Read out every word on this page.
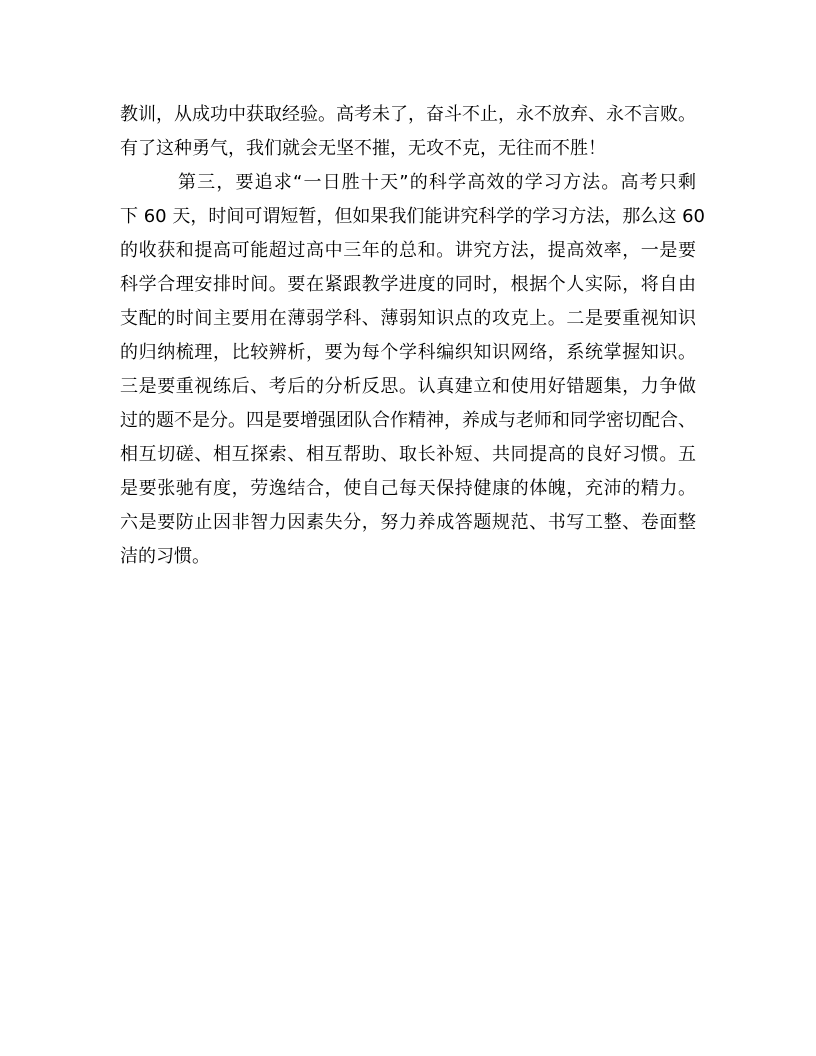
教训，从成功中获取经验。高考未了，奋斗不止，永不放弃、永不言败。
有了这种勇气，我们就会无坚不摧，无攻不克，无往而不胜！
第三，要追求“一日胜十天”的科学高效的学习方法。高考只剩
下 60 天，时间可谓短暂，但如果我们能讲究科学的学习方法，那么这 60
的收获和提高可能超过高中三年的总和。讲究方法，提高效率，一是要
科学合理安排时间。要在紧跟教学进度的同时，根据个人实际，将自由
支配的时间主要用在薄弱学科、薄弱知识点的攻克上。二是要重视知识
的归纳梳理，比较辨析，要为每个学科编织知识网络，系统掌握知识。
三是要重视练后、考后的分析反思。认真建立和使用好错题集，力争做
过的题不是分。四是要增强团队合作精神，养成与老师和同学密切配合、
相互切磋、相互探索、相互帮助、取长补短、共同提高的良好习惯。五
是要张驰有度，劳逸结合，使自己每天保持健康的体魄，充沛的精力。
六是要防止因非智力因素失分，努力养成答题规范、书写工整、卷面整
洁的习惯。
